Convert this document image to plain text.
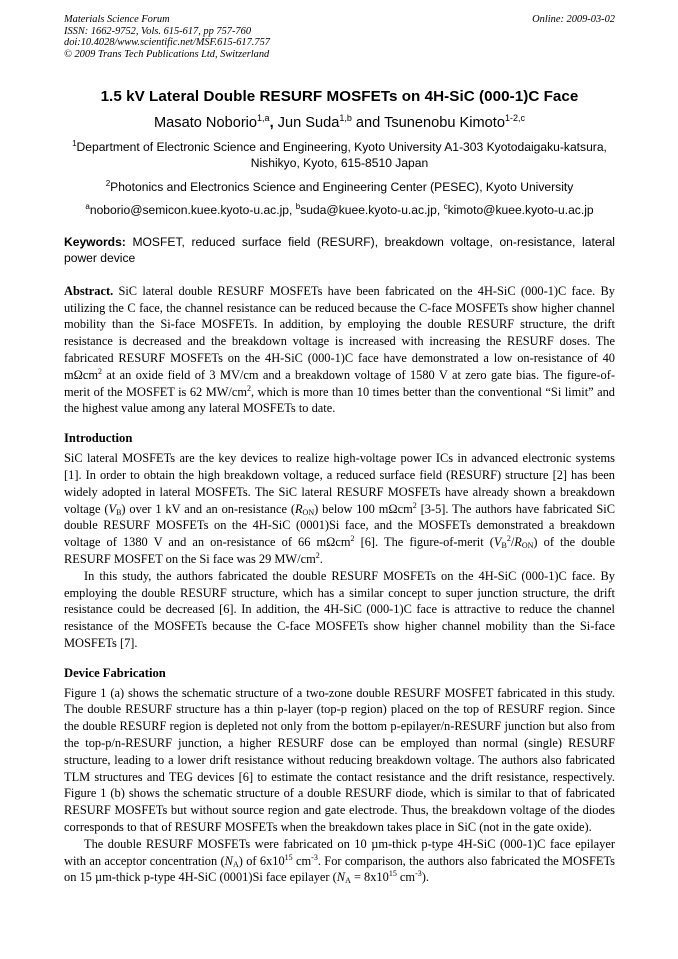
Materials Science Forum
ISSN: 1662-9752, Vols. 615-617, pp 757-760
doi:10.4028/www.scientific.net/MSF.615-617.757
© 2009 Trans Tech Publications Ltd, Switzerland
Online: 2009-03-02
1.5 kV Lateral Double RESURF MOSFETs on 4H-SiC (000-1)C Face
Masato Noborio$^{1,a}$, Jun Suda$^{1,b}$ and Tsunenobu Kimoto$^{1-2,c}$
$^1$Department of Electronic Science and Engineering, Kyoto University A1-303 Kyotodaigaku-katsura,
Nishikyo, Kyoto, 615-8510 Japan
$^2$Photonics and Electronics Science and Engineering Center (PESEC), Kyoto University
$^a$noborio@semicon.kuee.kyoto-u.ac.jp, $^b$suda@kuee.kyoto-u.ac.jp, $^c$kimoto@kuee.kyoto-u.ac.jp
Keywords: MOSFET, reduced surface field (RESURF), breakdown voltage, on-resistance, lateral power device
Abstract. SiC lateral double RESURF MOSFETs have been fabricated on the 4H-SiC (000-1)C face. By utilizing the C face, the channel resistance can be reduced because the C-face MOSFETs show higher channel mobility than the Si-face MOSFETs. In addition, by employing the double RESURF structure, the drift resistance is decreased and the breakdown voltage is increased with increasing the RESURF doses. The fabricated RESURF MOSFETs on the 4H-SiC (000-1)C face have demonstrated a low on-resistance of 40 mΩcm$^2$ at an oxide field of 3 MV/cm and a breakdown voltage of 1580 V at zero gate bias. The figure-of-merit of the MOSFET is 62 $MW/cm^2$, which is more than 10 times better than the conventional “Si limit” and the highest value among any lateral MOSFETs to date.
Introduction

SiC lateral MOSFETs are the key devices to realize high-voltage power ICs in advanced electronic systems [1]. In order to obtain the high breakdown voltage, a reduced surface field (RESURF) structure [2] has been widely adopted in lateral MOSFETs. The SiC lateral RESURF MOSFETs have already shown a breakdown voltage $(V_B)$ over 1 kV and an on-resistance $(R_{ON})$ below 100 mΩcm$^2$ [3-5]. The authors have fabricated SiC double RESURF MOSFETs on the 4H-SiC (0001)Si face, and the MOSFETs demonstrated a breakdown voltage of 1380 V and an on-resistance of 66 mΩcm$^2$ [6]. The figure-of-merit $(V_B^2/R_{ON})$ of the double RESURF MOSFET on the Si face was 29 $MW/cm^2$.

In this study, the authors fabricated the double RESURF MOSFETs on the 4H-SiC (000-1)C face. By employing the double RESURF structure, which has a similar concept to super junction structure, the drift resistance could be decreased [6]. In addition, the 4H-SiC (000-1)C face is attractive to reduce the channel resistance of the MOSFETs because the C-face MOSFETs show higher channel mobility than the Si-face MOSFETs [7].

Device Fabrication

Figure 1 (a) shows the schematic structure of a two-zone double RESURF MOSFET fabricated in this study. The double RESURF structure has a thin p-layer (top-p region) placed on the top of RESURF region. Since the double RESURF region is depleted not only from the bottom p-epilayer/n-RESURF junction but also from the top-p/n-RESURF junction, a higher RESURF dose can be employed than normal (single) RESURF structure, leading to a lower drift resistance without reducing breakdown voltage. The authors also fabricated TLM structures and TEG devices [6] to estimate the contact resistance and the drift resistance, respectively. Figure 1 (b) shows the schematic structure of a double RESURF diode, which is similar to that of fabricated RESURF MOSFETs but without source region and gate electrode. Thus, the breakdown voltage of the diodes corresponds to that of RESURF MOSFETs when the breakdown takes place in SiC (not in the gate oxide).

The double RESURF MOSFETs were fabricated on 10 µm-thick p-type 4H-SiC (000-1)C face epilayer with an acceptor concentration $(N_A)$ of $6x10^{15}$ $cm^{-3}$. For comparison, the authors also fabricated the MOSFETs on 15 µm-thick p-type 4H-SiC (0001)Si face epilayer ($N_A = 8x10^{15}$ $cm^{-3}$).
